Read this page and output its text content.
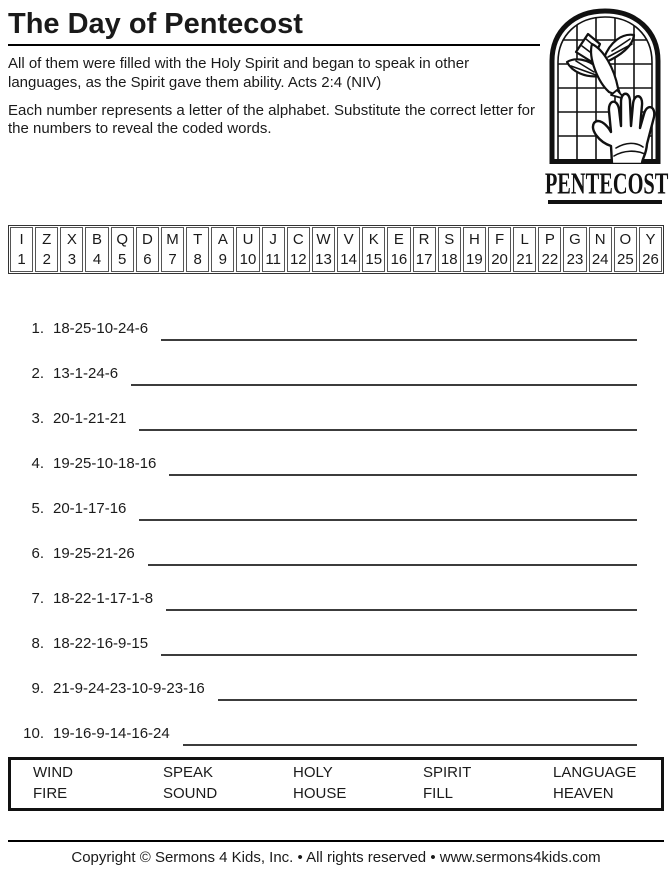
The Day of Pentecost
All of them were filled with the Holy Spirit and began to speak in other languages, as the Spirit gave them ability. Acts 2:4 (NIV)
Each number represents a letter of the alphabet. Substitute the correct letter for the numbers to reveal the coded words.
PENTECOST
I
1
Z
2
X
3
B
4
Q
5
D
6
M
7
T
8
A
9
U
10
J
11
C
12
W
13
V
14
K
15
E
16
R
17
S
18
H
19
F
20
L
21
P
22
G
23
N
24
O
25
Y
26
1. 18-25-10-24-6
2. 13-1-24-6
3. 20-1-21-21
4. 19-25-10-18-16
5. 20-1-17-16
6. 19-25-21-26
7. 18-22-1-17-1-8
8. 18-22-16-9-15
9. 21-9-24-23-10-9-23-16
10. 19-16-9-14-16-24
WIND	SPEAK	HOLY	SPIRIT	LANGUAGE
FIRE	SOUND	HOUSE	FILL	HEAVEN
Copyright © Sermons 4 Kids, Inc. • All rights reserved • www.sermons4kids.com
